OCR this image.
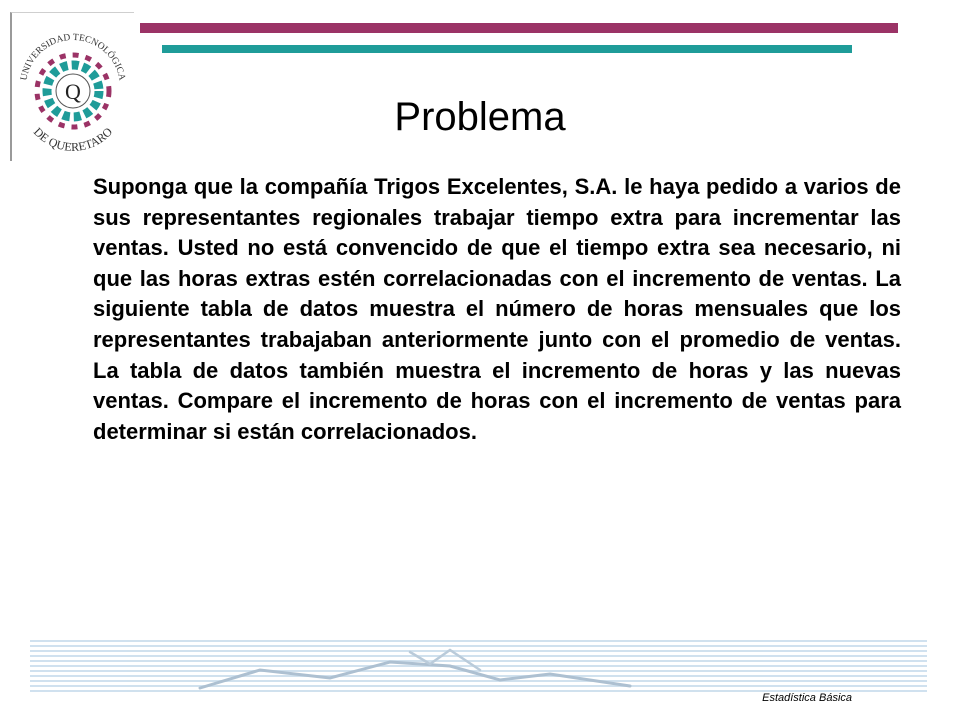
UNIVERSIDAD TECNOLÓGICA
DE QUERETARO
Q
Problema

Suponga que la compañía Trigos Excelentes, S.A. le haya pedido a varios de sus representantes regionales trabajar tiempo extra para incrementar las ventas. Usted no está convencido de que el tiempo extra sea necesario, ni que las horas extras estén correlacionadas con el incremento de ventas. La siguiente tabla de datos muestra el número de horas mensuales que los representantes trabajaban anteriormente junto con el promedio de ventas. La tabla de datos también muestra el incremento de horas y las nuevas ventas. Compare el incremento de horas con el incremento de ventas para determinar si están correlacionados.

Estadística Básica
